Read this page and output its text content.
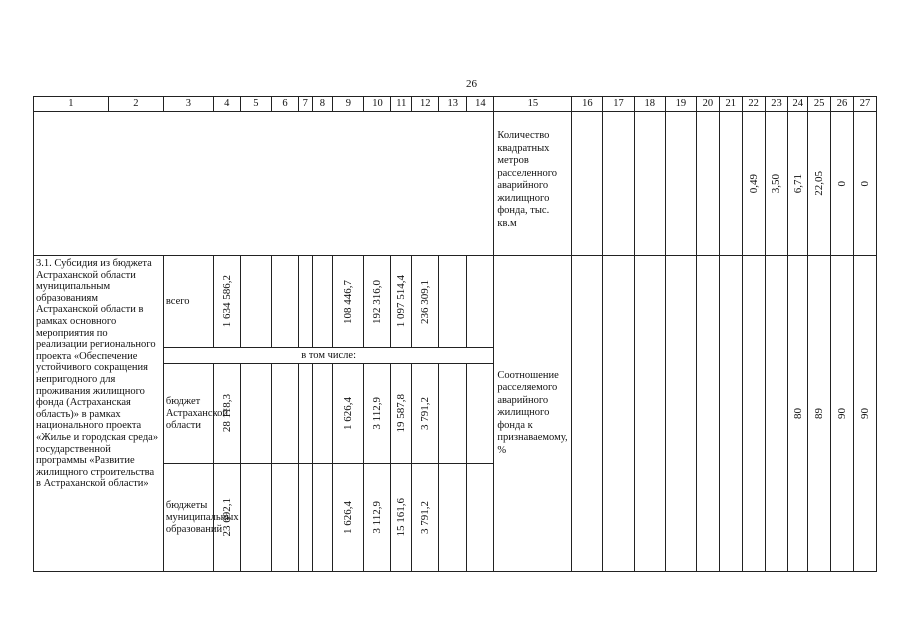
26
1	2	3	4	5	6	7	8	9	10	11	12	13	14	15	16	17	18	19	20	21	22	23	24	25	26	27
														Количество квадратных метров расселенного аварийного жилищного фонда, тыс. кв.м							0,49	3,50	6,71	22,05	0	0

3.1. Субсидия из бюджета Астраханской области муниципальным образованиям Астраханской области в рамках основного мероприятия по реализации регионального проекта «Обеспечение устойчивого сокращения непригодного для проживания жилищного фонда (Астраханская область)» в рамках национального проекта «Жилье и городская среда» государственной программы «Развитие жилищного строительства в Астраханской области»		всего	1 634 586,2					108 446,7	192 316,0	1 097 514,4	236 309,1			Соотношение расселяемого аварийного жилищного фонда к признаваемому, %									80	89	90	90

		в том числе:																								
		бюджет Астраханской области	28 118,3					1 626,4	3 112,9	19 587,8	3 791,2															

		бюджеты муниципальных образований	23 692,1					1 626,4	3 112,9	15 161,6	3 791,2															
